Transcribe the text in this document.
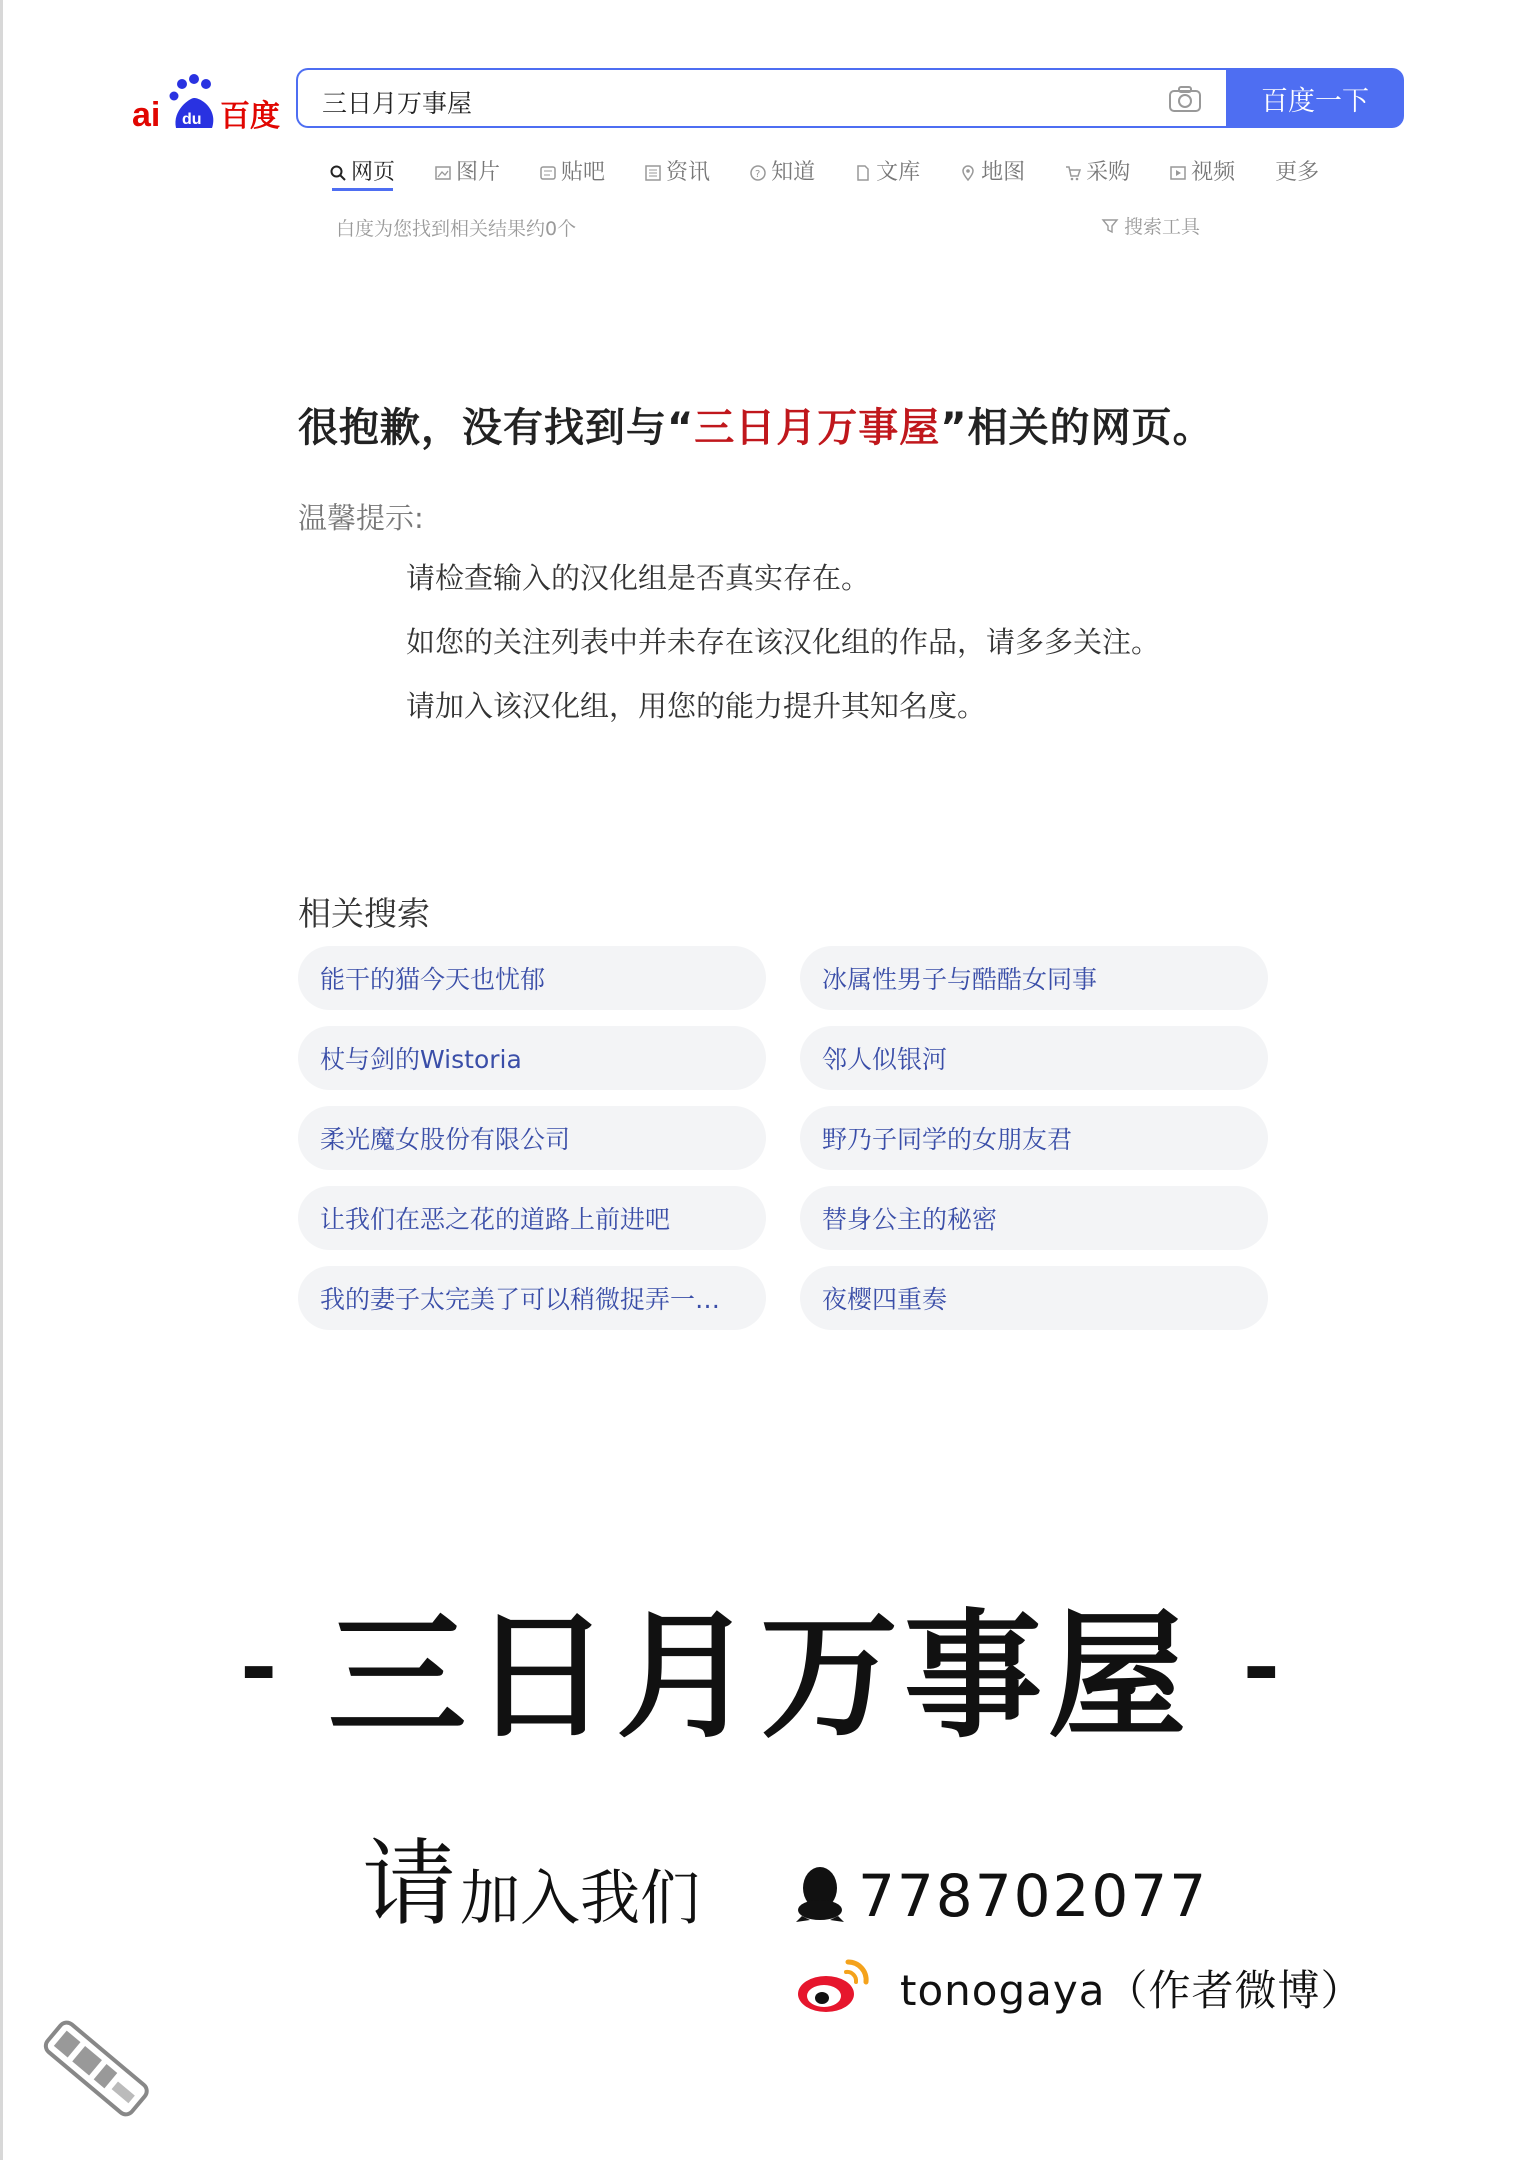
ai du 百度 三日月万事屋	百度一下
网页	图片	贴吧	资讯	? 知道	文库	地图	采购	视频 更多
白度为您找到相关结果约0个	搜索工具
很抱歉，没有找到与“三日月万事屋”相关的网页。
温馨提示:
请检查输入的汉化组是否真实存在。
如您的关注列表中并未存在该汉化组的作品，请多多关注。
请加入该汉化组，用您的能力提升其知名度。
相关搜索
能干的猫今天也忧郁	冰属性男子与酷酷女同事
杖与剑的Wistoria	邻人似银河
柔光魔女股份有限公司	野乃子同学的女朋友君
让我们在恶之花的道路上前进吧	替身公主的秘密
我的妻子太完美了可以稍微捉弄一…	夜樱四重奏
- 三日月万事屋 -
请 加入我们	778702077
tonogaya（作者微博）
